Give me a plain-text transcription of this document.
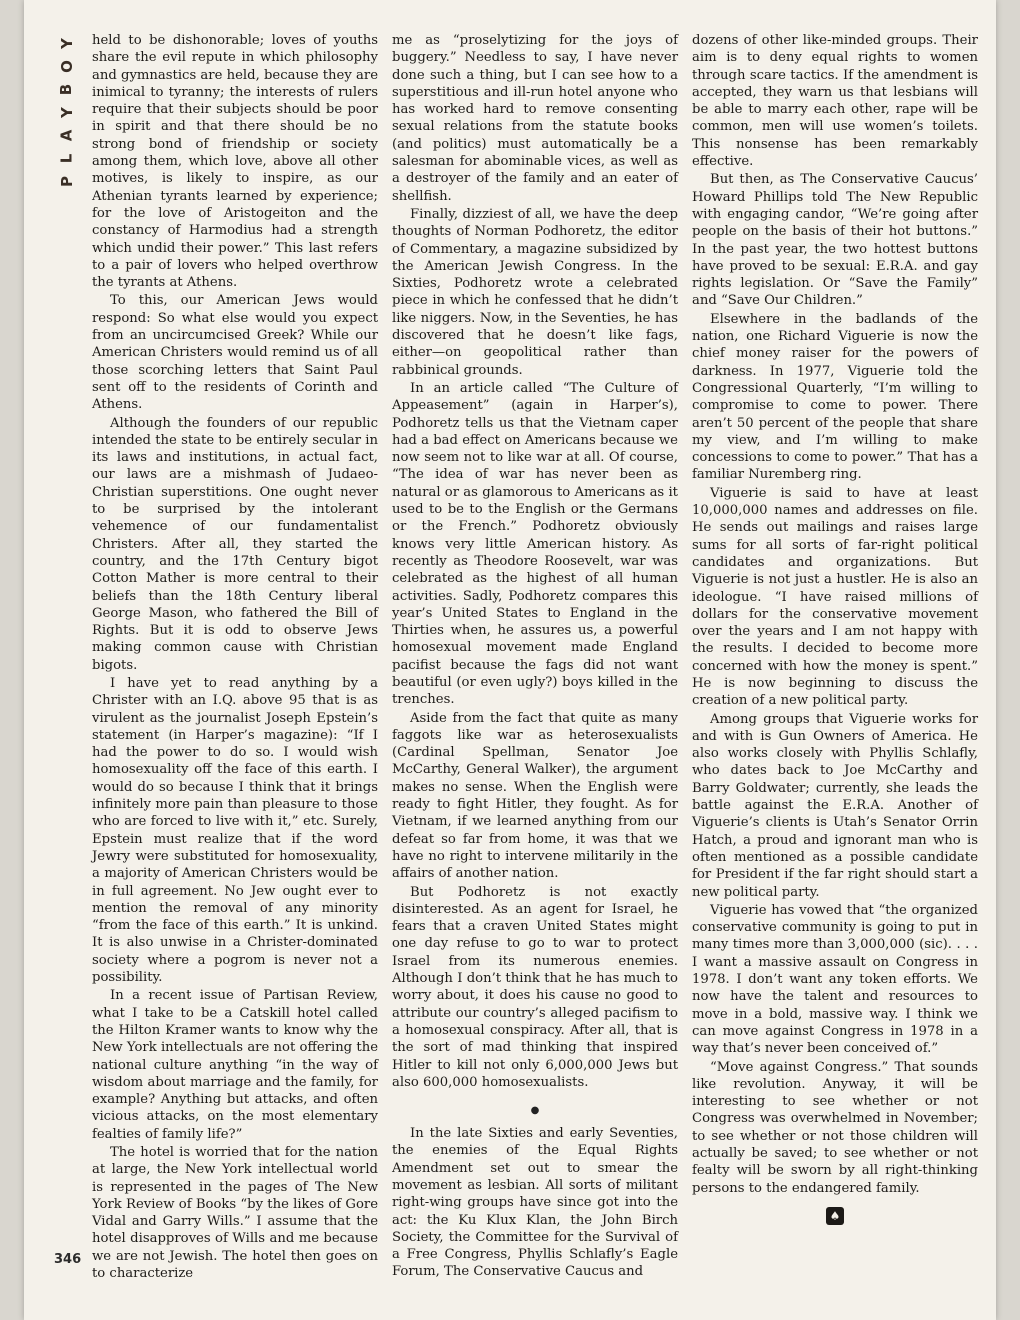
Y
O
B
Y
A
L
P

held to be dishonorable; loves of youths share the evil repute in which philosophy and gymnastics are held, because they are inimical to tyranny; the interests of rulers require that their subjects should be poor in spirit and that there should be no strong bond of friendship or society among them, which love, above all other motives, is likely to inspire, as our Athenian tyrants learned by experience; for the love of Aristogeiton and the constancy of Harmodius had a strength which undid their power.” This last refers to a pair of lovers who helped overthrow the tyrants at Athens.

To this, our American Jews would respond: So what else would you expect from an uncircumcised Greek? While our American Christers would remind us of all those scorching letters that Saint Paul sent off to the residents of Corinth and Athens.

Although the founders of our republic intended the state to be entirely secular in its laws and institutions, in actual fact, our laws are a mishmash of Judaeo-Christian superstitions. One ought never to be surprised by the intolerant vehemence of our fundamentalist Christers. After all, they started the country, and the 17th Century bigot Cotton Mather is more central to their beliefs than the 18th Century liberal George Mason, who fathered the Bill of Rights. But it is odd to observe Jews making common cause with Christian bigots.

I have yet to read anything by a Christer with an I.Q. above 95 that is as virulent as the journalist Joseph Epstein’s statement (in Harper’s magazine): “If I had the power to do so. I would wish homosexuality off the face of this earth. I would do so because I think that it brings infinitely more pain than pleasure to those who are forced to live with it,” etc. Surely, Epstein must realize that if the word Jewry were substituted for homosexuality, a majority of American Christers would be in full agreement. No Jew ought ever to mention the removal of any minority “from the face of this earth.” It is unkind. It is also unwise in a Christer-dominated society where a pogrom is never not a possibility.

In a recent issue of Partisan Review, what I take to be a Catskill hotel called the Hilton Kramer wants to know why the New York intellectuals are not offering the national culture anything “in the way of wisdom about marriage and the family, for example? Anything but attacks, and often vicious attacks, on the most elementary fealties of family life?”

The hotel is worried that for the nation at large, the New York intellectual world is represented in the pages of The New York Review of Books “by the likes of Gore Vidal and Garry Wills.” I assume that the hotel disapproves of Wills and me because we are not Jewish. The hotel then goes on to characterize

me as “proselytizing for the joys of buggery.” Needless to say, I have never done such a thing, but I can see how to a superstitious and ill-run hotel anyone who has worked hard to remove consenting sexual relations from the statute books (and politics) must automatically be a salesman for abominable vices, as well as a destroyer of the family and an eater of shellfish.

Finally, dizziest of all, we have the deep thoughts of Norman Podhoretz, the editor of Commentary, a magazine subsidized by the American Jewish Congress. In the Sixties, Podhoretz wrote a celebrated piece in which he confessed that he didn’t like niggers. Now, in the Seventies, he has discovered that he doesn’t like fags, either—on geopolitical rather than rabbinical grounds.

In an article called “The Culture of Appeasement” (again in Harper’s), Podhoretz tells us that the Vietnam caper had a bad effect on Americans because we now seem not to like war at all. Of course, “The idea of war has never been as natural or as glamorous to Americans as it used to be to the English or the Germans or the French.” Podhoretz obviously knows very little American history. As recently as Theodore Roosevelt, war was celebrated as the highest of all human activities. Sadly, Podhoretz compares this year’s United States to England in the Thirties when, he assures us, a powerful homosexual movement made England pacifist because the fags did not want beautiful (or even ugly?) boys killed in the trenches.

Aside from the fact that quite as many faggots like war as heterosexualists (Cardinal Spellman, Senator Joe McCarthy, General Walker), the argument makes no sense. When the English were ready to fight Hitler, they fought. As for Vietnam, if we learned anything from our defeat so far from home, it was that we have no right to intervene militarily in the affairs of another nation.

But Podhoretz is not exactly disinterested. As an agent for Israel, he fears that a craven United States might one day refuse to go to war to protect Israel from its numerous enemies. Although I don’t think that he has much to worry about, it does his cause no good to attribute our country’s alleged pacifism to a homosexual conspiracy. After all, that is the sort of mad thinking that inspired Hitler to kill not only 6,000,000 Jews but also 600,000 homosexualists.

●

In the late Sixties and early Seventies, the enemies of the Equal Rights Amendment set out to smear the movement as lesbian. All sorts of militant right-wing groups have since got into the act: the Ku Klux Klan, the John Birch Society, the Committee for the Survival of a Free Congress, Phyllis Schlafly’s Eagle Forum, The Conservative Caucus and

dozens of other like-minded groups. Their aim is to deny equal rights to women through scare tactics. If the amendment is accepted, they warn us that lesbians will be able to marry each other, rape will be common, men will use women’s toilets. This nonsense has been remarkably effective.

But then, as The Conservative Caucus’ Howard Phillips told The New Republic with engaging candor, “We’re going after people on the basis of their hot buttons.” In the past year, the two hottest buttons have proved to be sexual: E.R.A. and gay rights legislation. Or “Save the Family” and “Save Our Children.”

Elsewhere in the badlands of the nation, one Richard Viguerie is now the chief money raiser for the powers of darkness. In 1977, Viguerie told the Congressional Quarterly, “I’m willing to compromise to come to power. There aren’t 50 percent of the people that share my view, and I’m willing to make concessions to come to power.” That has a familiar Nuremberg ring.

Viguerie is said to have at least 10,000,000 names and addresses on file. He sends out mailings and raises large sums for all sorts of far-right political candidates and organizations. But Viguerie is not just a hustler. He is also an ideologue. “I have raised millions of dollars for the conservative movement over the years and I am not happy with the results. I decided to become more concerned with how the money is spent.” He is now beginning to discuss the creation of a new political party.

Among groups that Viguerie works for and with is Gun Owners of America. He also works closely with Phyllis Schlafly, who dates back to Joe McCarthy and Barry Goldwater; currently, she leads the battle against the E.R.A. Another of Viguerie’s clients is Utah’s Senator Orrin Hatch, a proud and ignorant man who is often mentioned as a possible candidate for President if the far right should start a new political party.

Viguerie has vowed that “the organized conservative community is going to put in many times more than 3,000,000 (sic). . . . I want a massive assault on Congress in 1978. I don’t want any token efforts. We now have the talent and resources to move in a bold, massive way. I think we can move against Congress in 1978 in a way that’s never been conceived of.”

“Move against Congress.” That sounds like revolution. Anyway, it will be interesting to see whether or not Congress was overwhelmed in November; to see whether or not those children will actually be saved; to see whether or not fealty will be sworn by all right-thinking persons to the endangered family.

♠
346
